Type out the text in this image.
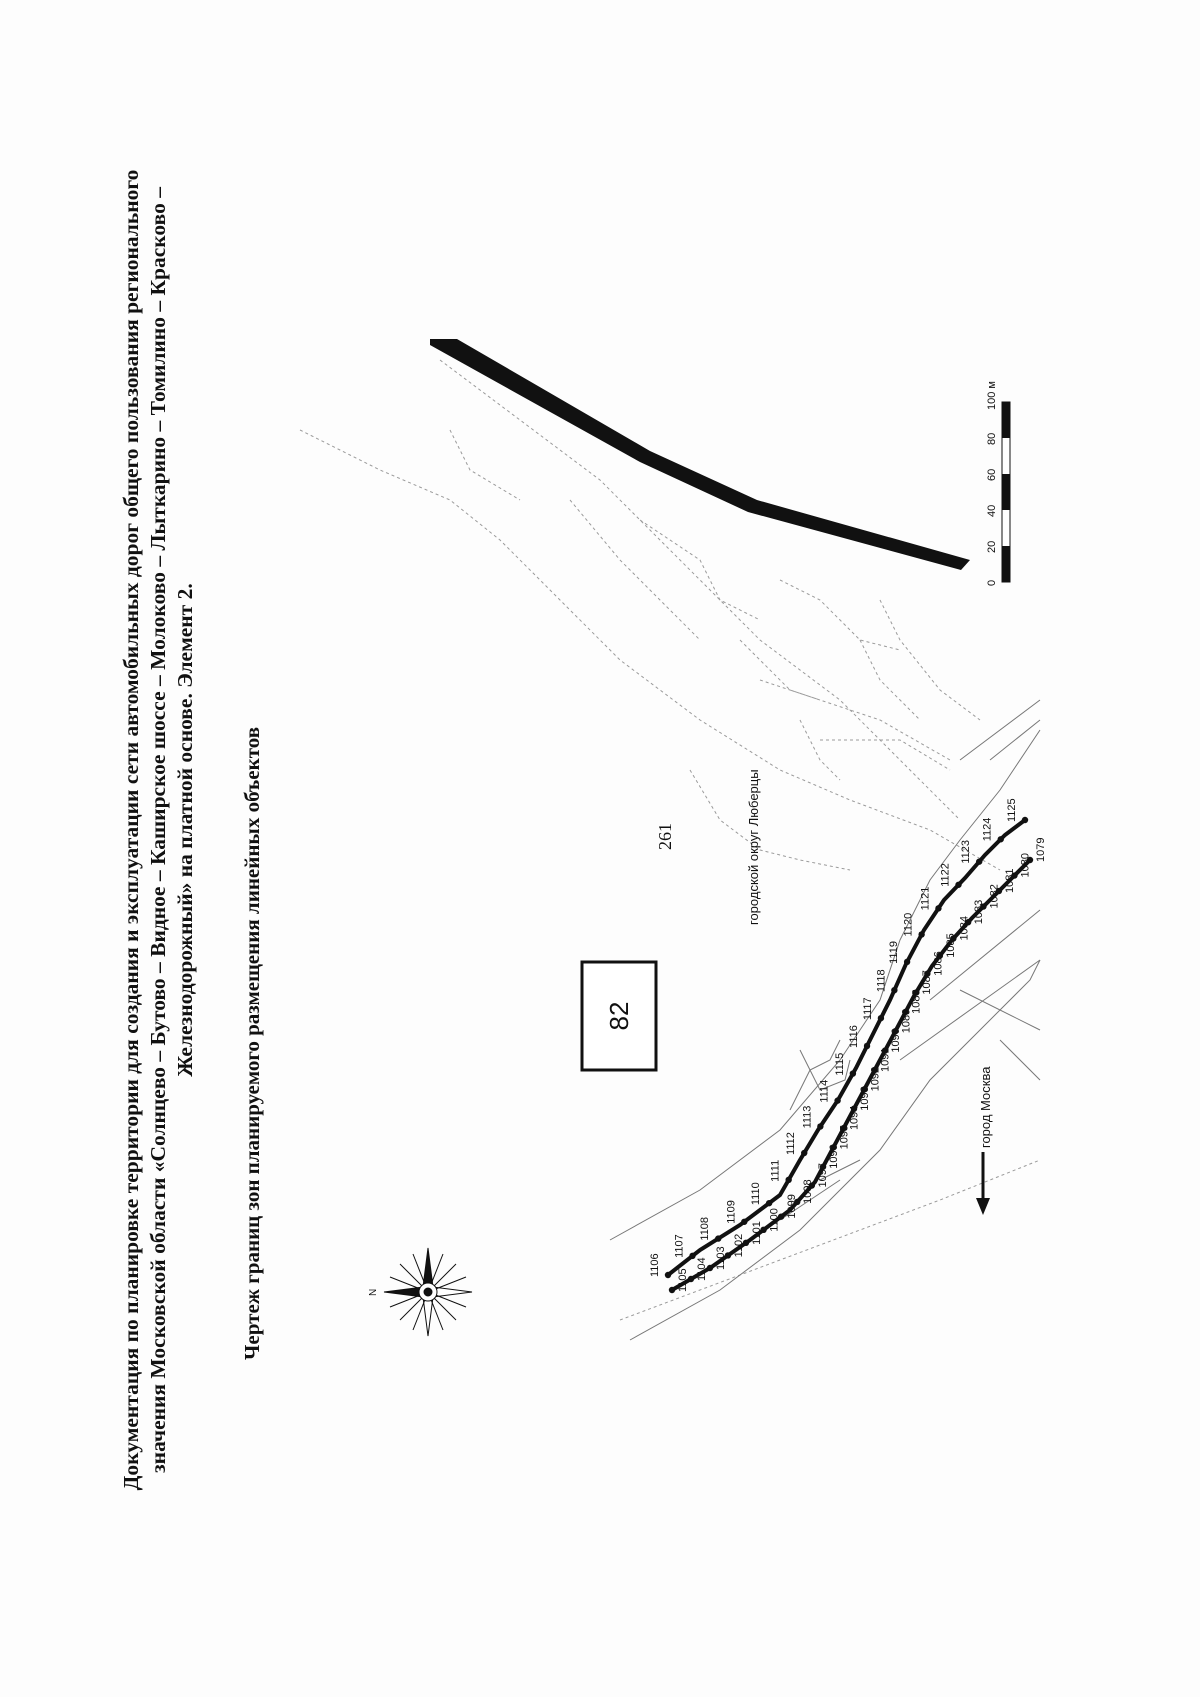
Документация по планировке территории для создания и эксплуатации сети автомобильных дорог общего пользования регионального значения Московской области «Солнцево – Бутово – Видное – Каширское шоссе – Молоково – Лыткарино – Томилино – Красково – Железнодорожный» на платной основе. Элемент 2. Чертеж границ зон планируемого размещения линейных объектов	261
0
20
40
60
80
100 м
82
городской округ Люберцы
город Москва
1106
1107
1108
1109
1110
1111
1112
1113
1114
1115
1116
1117
1118
1119
1120
1121
1122
1123
1124
1125
1105 1104 1103
1102
1101
1100
1099
1098
1097
1096
1095
1094
1093
1092
1091
1090
1089
1088
1087
1086
1085
1084
1083
1082
1081
1080
1079
N
